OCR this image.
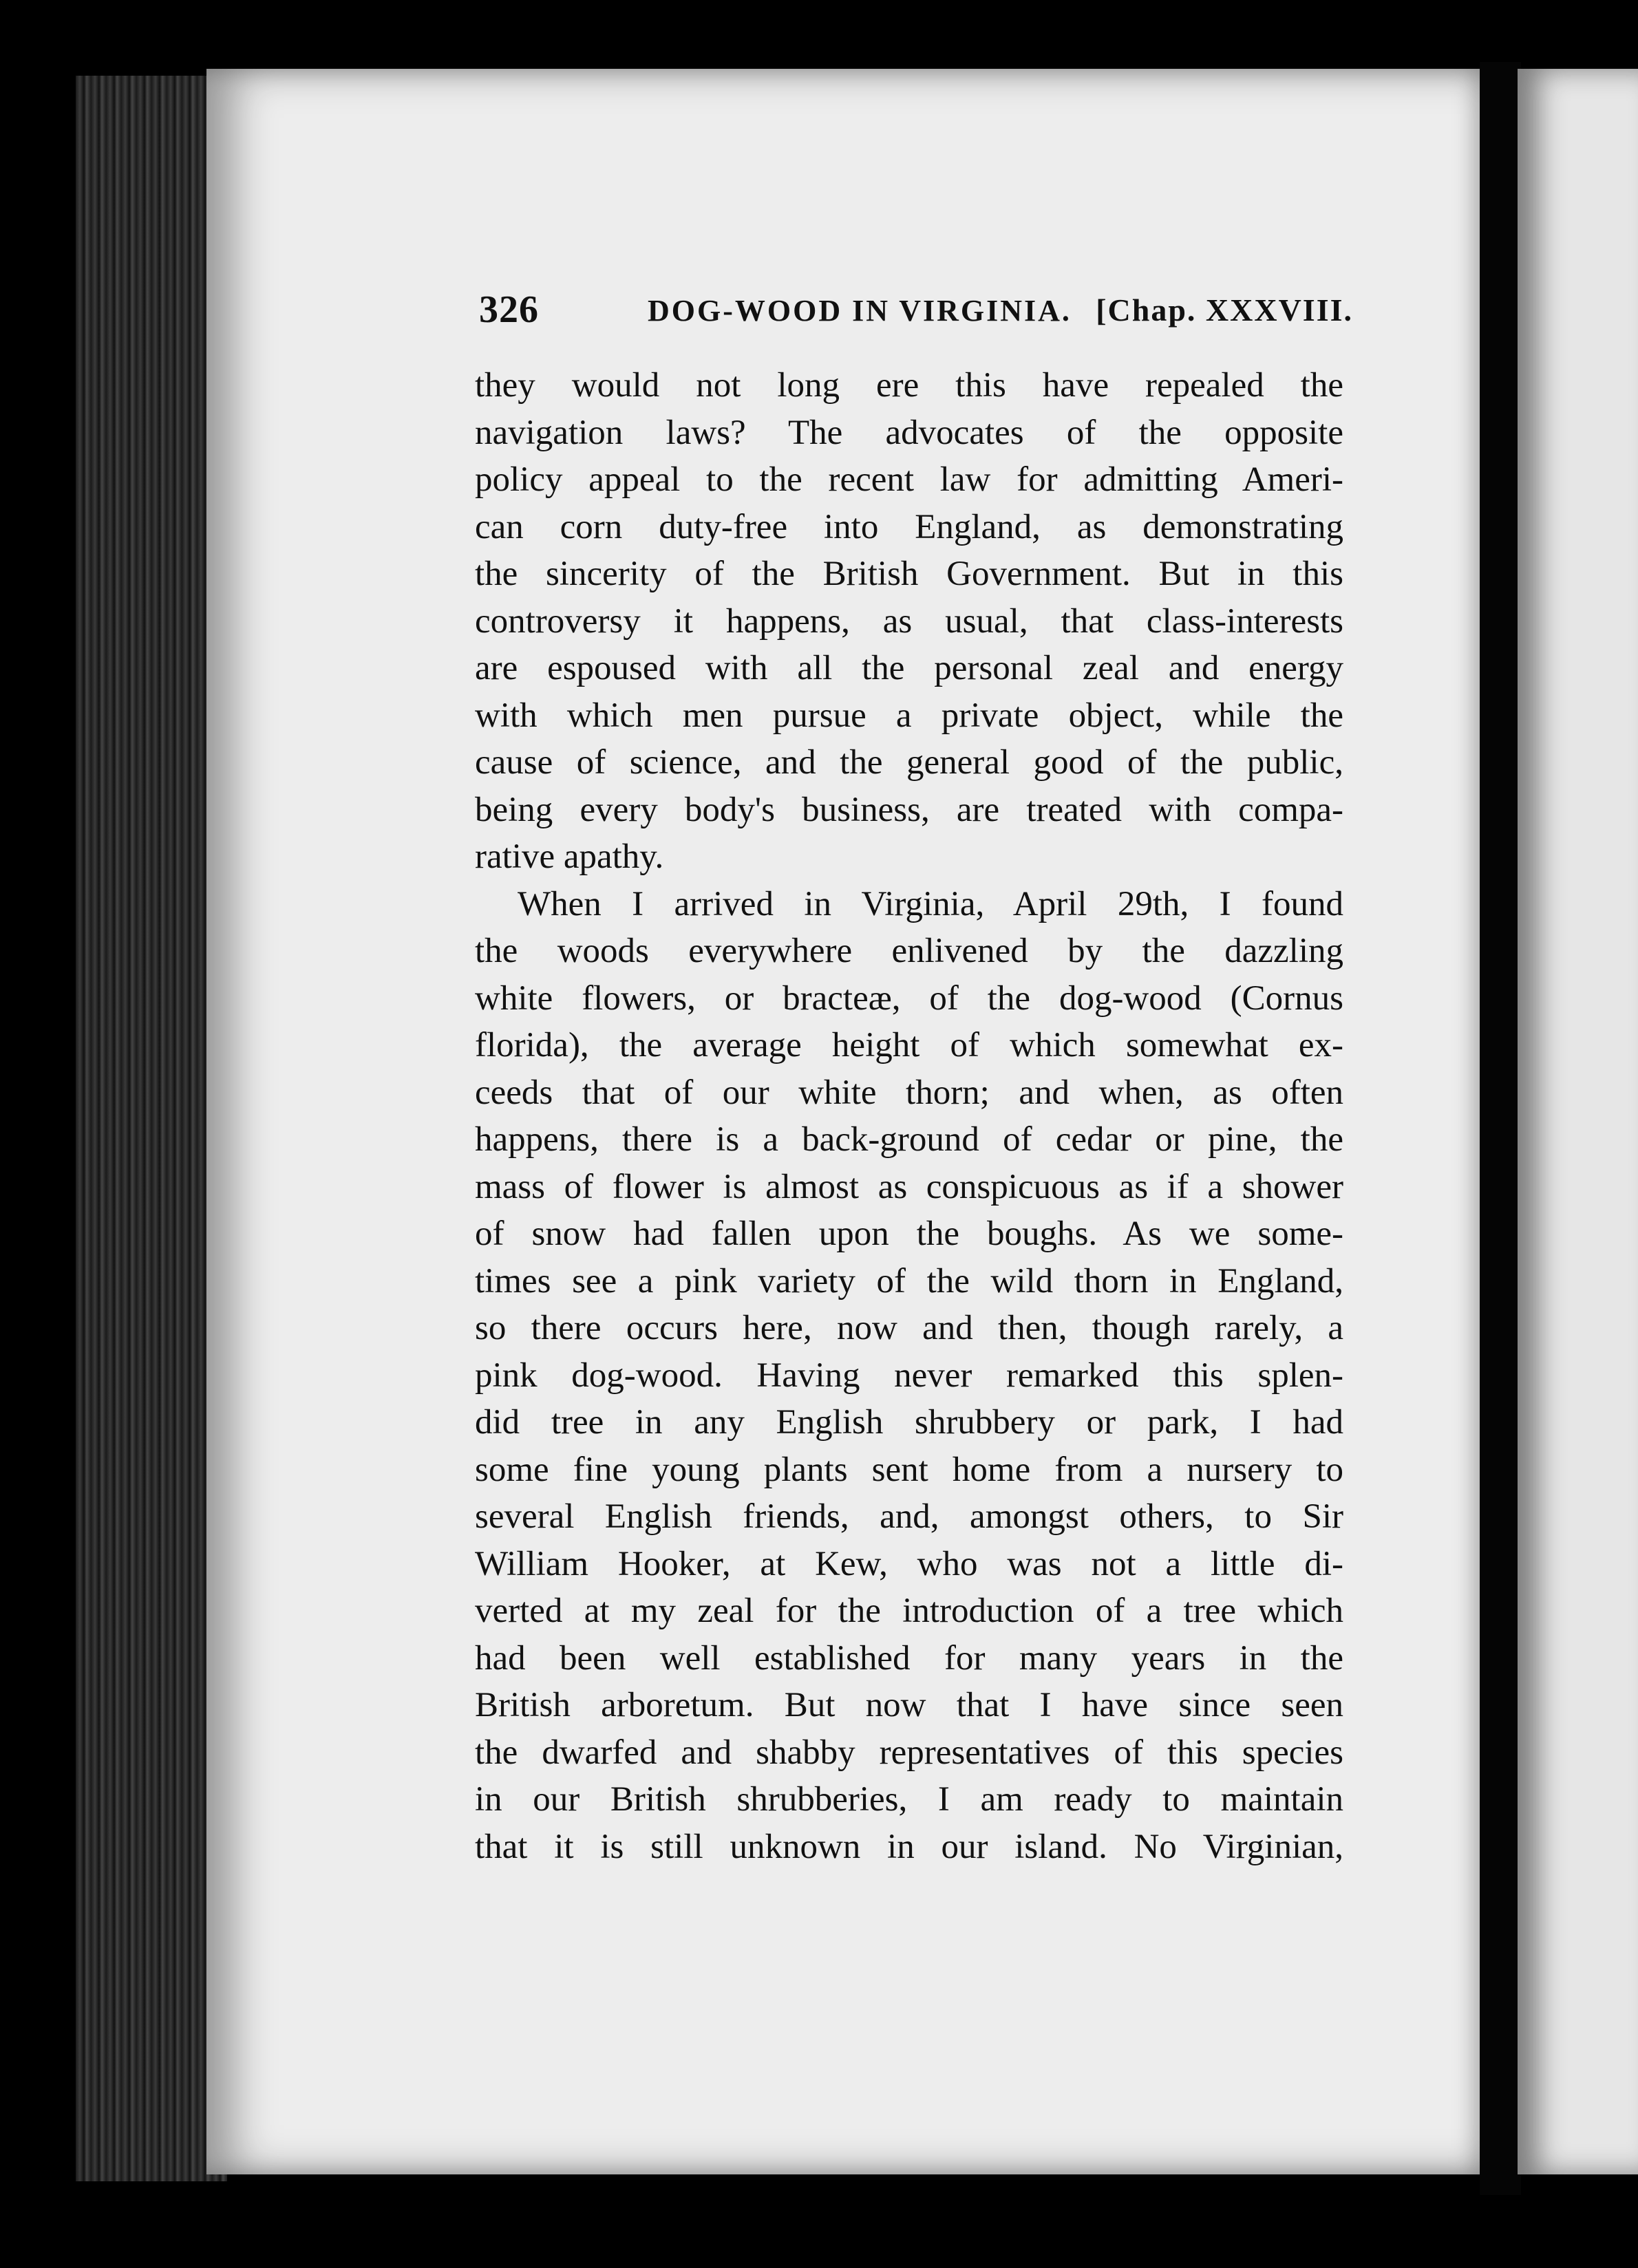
326	DOG-WOOD IN VIRGINIA. [Chap. XXXVIII.
they would not long ere this have repealed the
navigation laws? The advocates of the opposite
policy appeal to the recent law for admitting Ameri-
can corn duty-free into England, as demonstrating
the sincerity of the British Government. But in this
controversy it happens, as usual, that class-interests
are espoused with all the personal zeal and energy
with which men pursue a private object, while the
cause of science, and the general good of the public,
being every body's business, are treated with compa-
rative apathy.
When I arrived in Virginia, April 29th, I found
the woods everywhere enlivened by the dazzling
white flowers, or bracteæ, of the dog-wood (Cornus
florida), the average height of which somewhat ex-
ceeds that of our white thorn; and when, as often
happens, there is a back-ground of cedar or pine, the
mass of flower is almost as conspicuous as if a shower
of snow had fallen upon the boughs. As we some-
times see a pink variety of the wild thorn in England,
so there occurs here, now and then, though rarely, a
pink dog-wood. Having never remarked this splen-
did tree in any English shrubbery or park, I had
some fine young plants sent home from a nursery to
several English friends, and, amongst others, to Sir
William Hooker, at Kew, who was not a little di-
verted at my zeal for the introduction of a tree which
had been well established for many years in the
British arboretum. But now that I have since seen
the dwarfed and shabby representatives of this species
in our British shrubberies, I am ready to maintain
that it is still unknown in our island. No Virginian,
